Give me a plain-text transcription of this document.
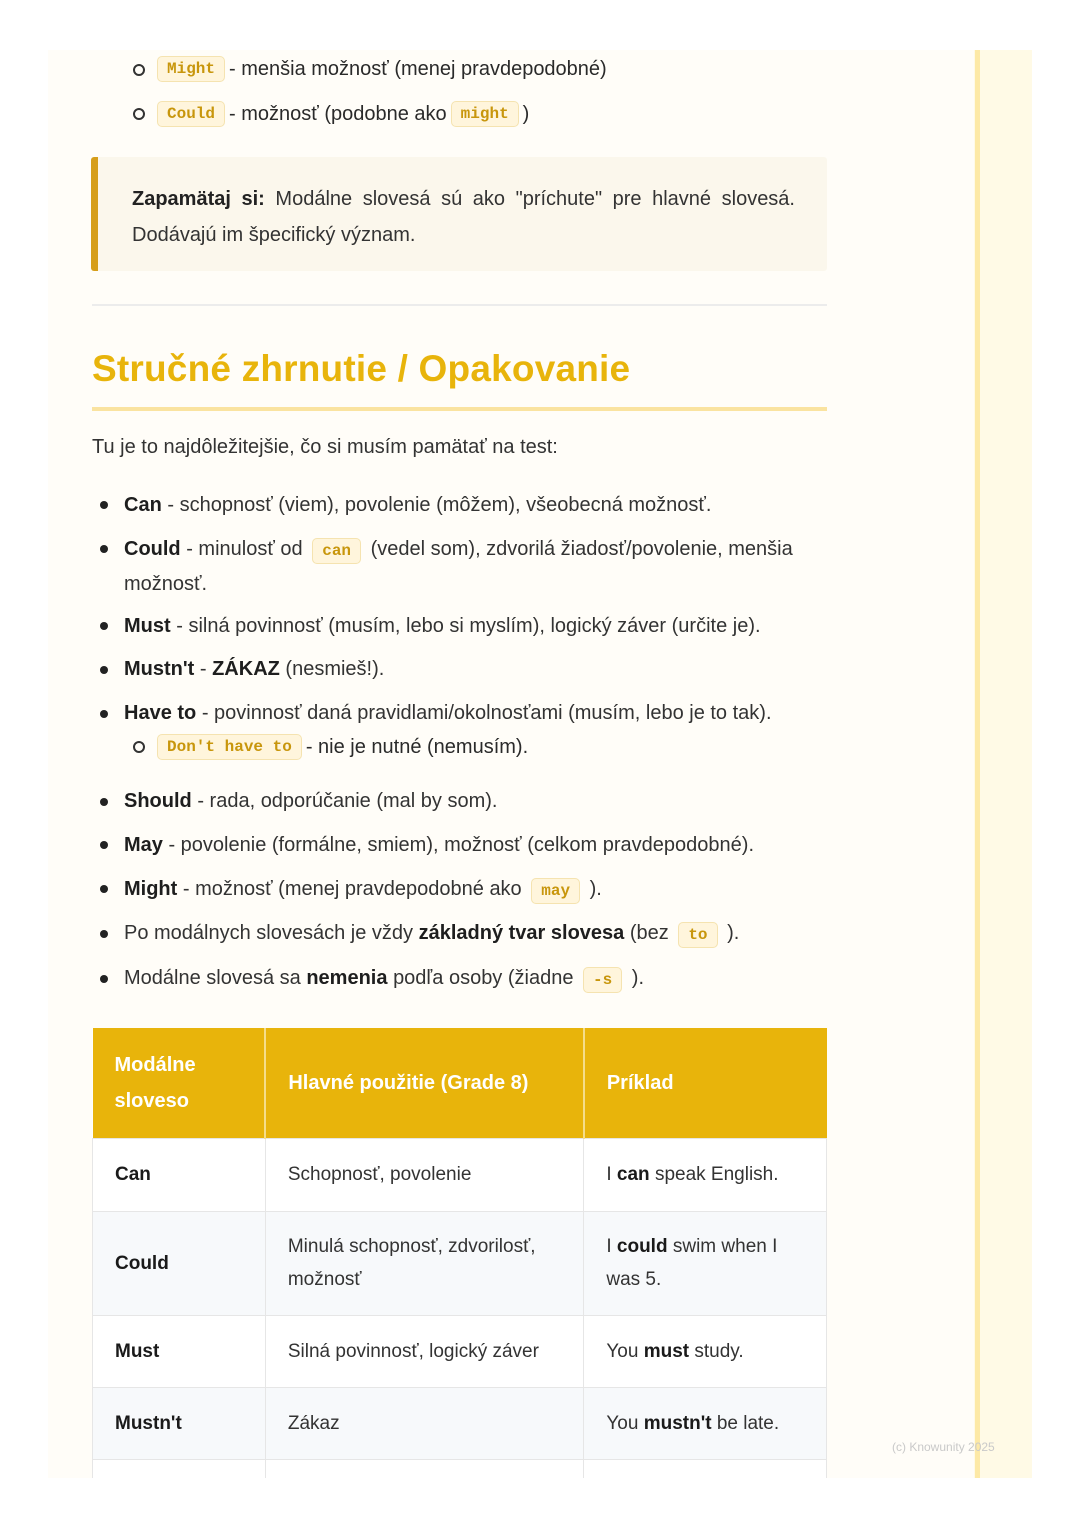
Might - menšia možnosť (menej pravdepodobné)
Could - možnosť (podobne ako might )
Zapamätaj si: Modálne slovesá sú ako "príchute" pre hlavné slovesá. Dodávajú im špecifický význam.
Stručné zhrnutie / Opakovanie
Tu je to najdôležitejšie, čo si musím pamätať na test:
Can - schopnosť (viem), povolenie (môžem), všeobecná možnosť.
Could - minulosť od can (vedel som), zdvorilá žiadosť/povolenie, menšia možnosť.
Must - silná povinnosť (musím, lebo si myslím), logický záver (určite je).
Mustn't - ZÁKAZ (nesmieš!).
Have to - povinnosť daná pravidlami/okolnosťami (musím, lebo je to tak).
Don't have to - nie je nutné (nemusím).
Should - rada, odporúčanie (mal by som).
May - povolenie (formálne, smiem), možnosť (celkom pravdepodobné).
Might - možnosť (menej pravdepodobné ako may ).
Po modálnych slovesách je vždy základný tvar slovesa (bez to ).
Modálne slovesá sa nemenia podľa osoby (žiadne -s ).
Modálne sloveso	Hlavné použitie (Grade 8)	Príklad
Can	Schopnosť, povolenie	I can speak English.
Could	Minulá schopnosť, zdvorilosť, možnosť	I could swim when I was 5.
Must	Silná povinnosť, logický záver	You must study.
Mustn't	Zákaz	You mustn't be late.

(c) Knowunity 2025
